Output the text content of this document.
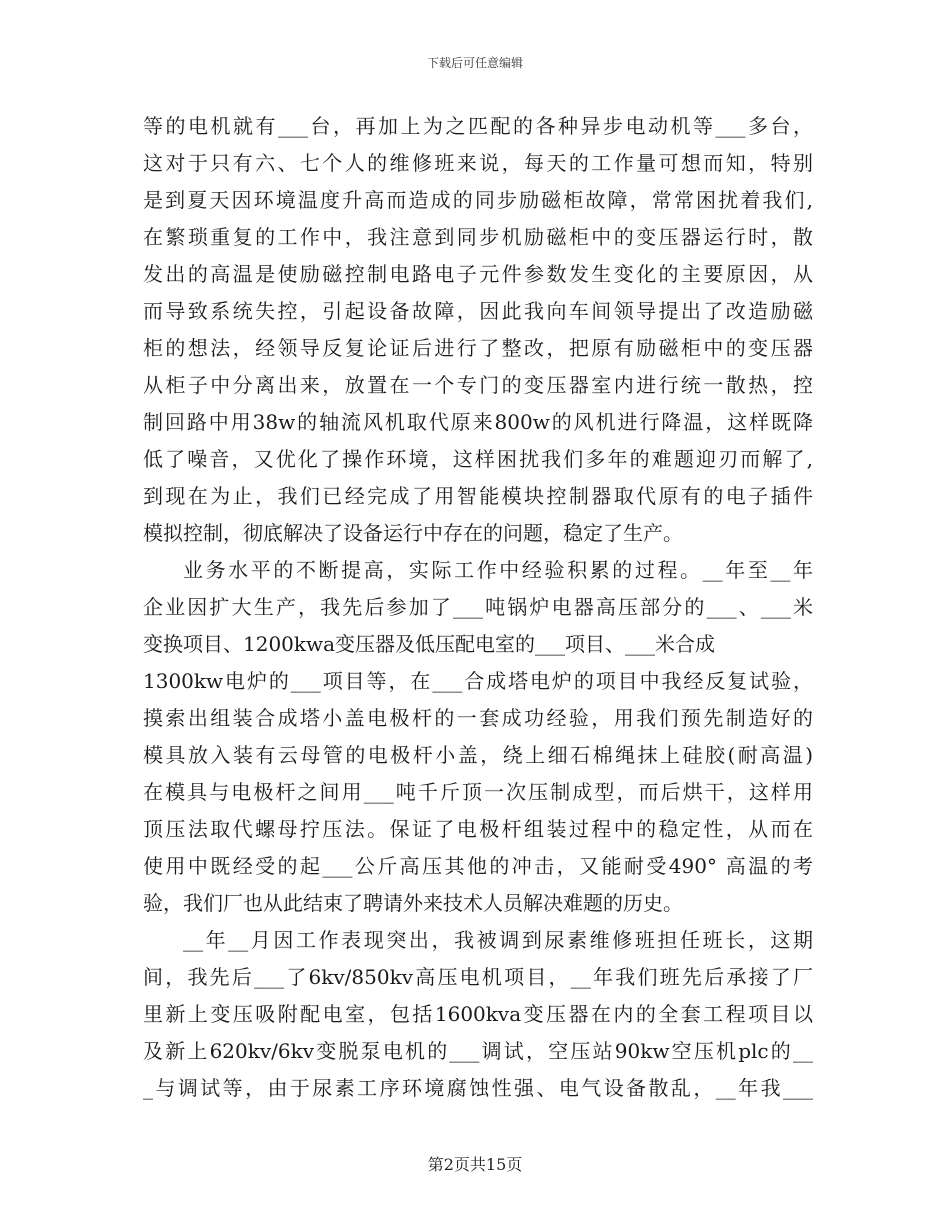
下载后可任意编辑
等的电机就有___台，再加上为之匹配的各种异步电动机等___多台，
这对于只有六、七个人的维修班来说，每天的工作量可想而知，特别
是到夏天因环境温度升高而造成的同步励磁柜故障，常常困扰着我们,
在繁琐重复的工作中，我注意到同步机励磁柜中的变压器运行时，散
发出的高温是使励磁控制电路电子元件参数发生变化的主要原因，从
而导致系统失控，引起设备故障，因此我向车间领导提出了改造励磁
柜的想法，经领导反复论证后进行了整改，把原有励磁柜中的变压器
从柜子中分离出来，放置在一个专门的变压器室内进行统一散热，控
制回路中用38w的轴流风机取代原来800w的风机进行降温，这样既降
低了噪音，又优化了操作环境，这样困扰我们多年的难题迎刃而解了,
到现在为止，我们已经完成了用智能模块控制器取代原有的电子插件
模拟控制，彻底解决了设备运行中存在的问题，稳定了生产。
业务水平的不断提高，实际工作中经验积累的过程。__年至__年
企业因扩大生产，我先后参加了___吨锅炉电器高压部分的___、___米
变换项目、1200kwa变压器及低压配电室的___项目、___米合成
1300kw电炉的___项目等，在___合成塔电炉的项目中我经反复试验，
摸索出组装合成塔小盖电极杆的一套成功经验，用我们预先制造好的
模具放入装有云母管的电极杆小盖，绕上细石棉绳抹上硅胶(耐高温)
在模具与电极杆之间用___吨千斤顶一次压制成型，而后烘干，这样用
顶压法取代螺母拧压法。保证了电极杆组装过程中的稳定性，从而在
使用中既经受的起___公斤高压其他的冲击，又能耐受490° 高温的考
验，我们厂也从此结束了聘请外来技术人员解决难题的历史。
__年__月因工作表现突出，我被调到尿素维修班担任班长，这期
间，我先后___了6kv/850kv高压电机项目，__年我们班先后承接了厂
里新上变压吸附配电室，包括1600kva变压器在内的全套工程项目以
及新上620kv/6kv变脱泵电机的___调试，空压站90kw空压机plc的__
_与调试等，由于尿素工序环境腐蚀性强、电气设备散乱，__年我___
第2页共15页
